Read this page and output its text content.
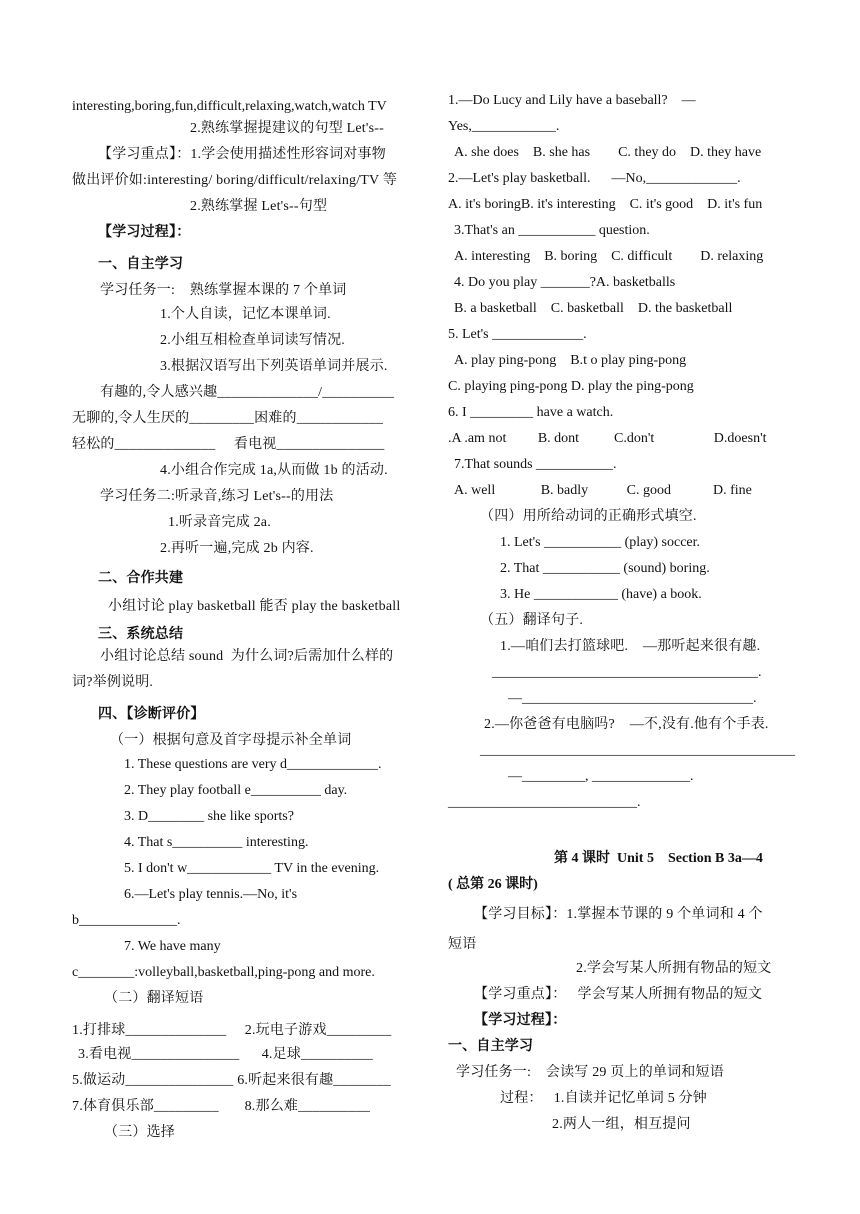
interesting,boring,fun,difficult,relaxing,watch,watch TV
2.熟练掌握提建议的句型 Let's--
【学习重点】：1.学会使用描述性形容词对事物
做出评价如:interesting/ boring/difficult/relaxing/TV 等
2.熟练掌握 Let's--句型
【学习过程】：
一、自主学习
学习任务一:    熟练掌握本课的 7 个单词
1.个人自读，记忆本课单词.
2.小组互相检查单词读写情况.
3.根据汉语写出下列英语单词并展示.
有趣的,令人感兴趣______________/__________
无聊的,令人生厌的_________困难的____________
轻松的______________     看电视_______________
4.小组合作完成 1a,从而做 1b 的活动.
学习任务二:听录音,练习 Let's--的用法
1.听录音完成 2a.
2.再听一遍,完成 2b 内容.
二、合作共建
小组讨论 play basketball 能否 play the basketball
三、系统总结
小组讨论总结 sound  为什么词?后需加什么样的
词?举例说明.
四、【诊断评价】
（一）根据句意及首字母提示补全单词
1. These questions are very d_____________.
2. They play football e__________ day.
3. D________ she like sports?
4. That s__________ interesting.
5. I don't w____________ TV in the evening.
6.—Let's play tennis.—No, it's
b______________.
7. We have many
c________:volleyball,basketball,ping-pong and more.
（二）翻译短语
1.打排球______________     2.玩电子游戏_________
3.看电视_______________      4.足球__________
5.做运动_______________ 6.听起来很有趣________
7.体育俱乐部_________       8.那么难__________
（三）选择
1.—Do Lucy and Lily have a baseball?    —
Yes,____________.
A. she does    B. she has        C. they do    D. they have
2.—Let's play basketball.      —No,_____________.
A. it's boringB. it's interesting    C. it's good    D. it's fun
3.That's an ___________ question.
A. interesting    B. boring    C. difficult        D. relaxing
4. Do you play _______?A. basketballs
B. a basketball    C. basketball    D. the basketball
5. Let's _____________.
A. play ping-pong    B.t o play ping-pong
C. playing ping-pong D. play the ping-pong
6. I _________ have a watch.
.A .am not         B. dont          C.don't                 D.doesn't
7.That sounds ___________.
A. well             B. badly           C. good            D. fine
（四）用所给动词的正确形式填空.
1. Let's ___________ (play) soccer.
2. That ___________ (sound) boring.
3. He ____________ (have) a book.
（五）翻译句子.
1.—咱们去打篮球吧.    —那听起来很有趣.
______________________________________.
—_________________________________.
2.—你爸爸有电脑吗?    —不,没有.他有个手表.
_____________________________________________
—_________, ______________.
___________________________.
第 4 课时  Unit 5    Section B 3a—4
( 总第 26 课时)
【学习目标】：1.掌握本节课的 9 个单词和 4 个
短语
2.学会写某人所拥有物品的短文
【学习重点】：   学会写某人所拥有物品的短文
【学习过程】：
一、自主学习
学习任务一:    会读写 29 页上的单词和短语
过程：   1.自读并记忆单词 5 分钟
2.两人一组，相互提问
